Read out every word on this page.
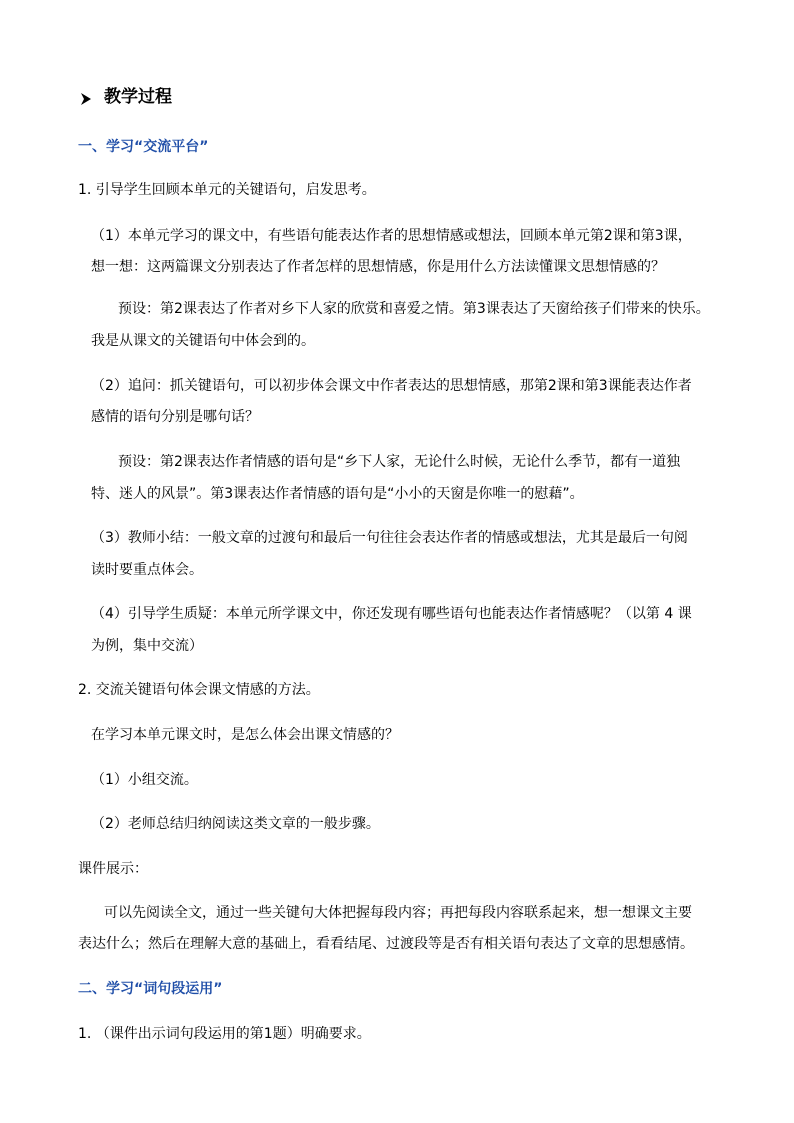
教学过程
一、学习“交流平台”
1. 引导学生回顾本单元的关键语句，启发思考。
（1）本单元学习的课文中，有些语句能表达作者的思想情感或想法，回顾本单元第2课和第3课，
想一想：这两篇课文分别表达了作者怎样的思想情感，你是用什么方法读懂课文思想情感的？
预设：第2课表达了作者对乡下人家的欣赏和喜爱之情。第3课表达了天窗给孩子们带来的快乐。
我是从课文的关键语句中体会到的。
（2）追问：抓关键语句，可以初步体会课文中作者表达的思想情感，那第2课和第3课能表达作者
感情的语句分别是哪句话？
预设：第2课表达作者情感的语句是“乡下人家，无论什么时候，无论什么季节，都有一道独
特、迷人的风景”。第3课表达作者情感的语句是“小小的天窗是你唯一的慰藉”。
（3）教师小结：一般文章的过渡句和最后一句往往会表达作者的情感或想法，尤其是最后一句阅
读时要重点体会。
（4）引导学生质疑：本单元所学课文中，你还发现有哪些语句也能表达作者情感呢？（以第 4 课
为例，集中交流）
2. 交流关键语句体会课文情感的方法。
在学习本单元课文时，是怎么体会出课文情感的？
（1）小组交流。
（2）老师总结归纳阅读这类文章的一般步骤。
课件展示：
可以先阅读全文，通过一些关键句大体把握每段内容；再把每段内容联系起来，想一想课文主要
表达什么；然后在理解大意的基础上，看看结尾、过渡段等是否有相关语句表达了文章的思想感情。
二、学习“词句段运用”
1. （课件出示词句段运用的第1题）明确要求。
